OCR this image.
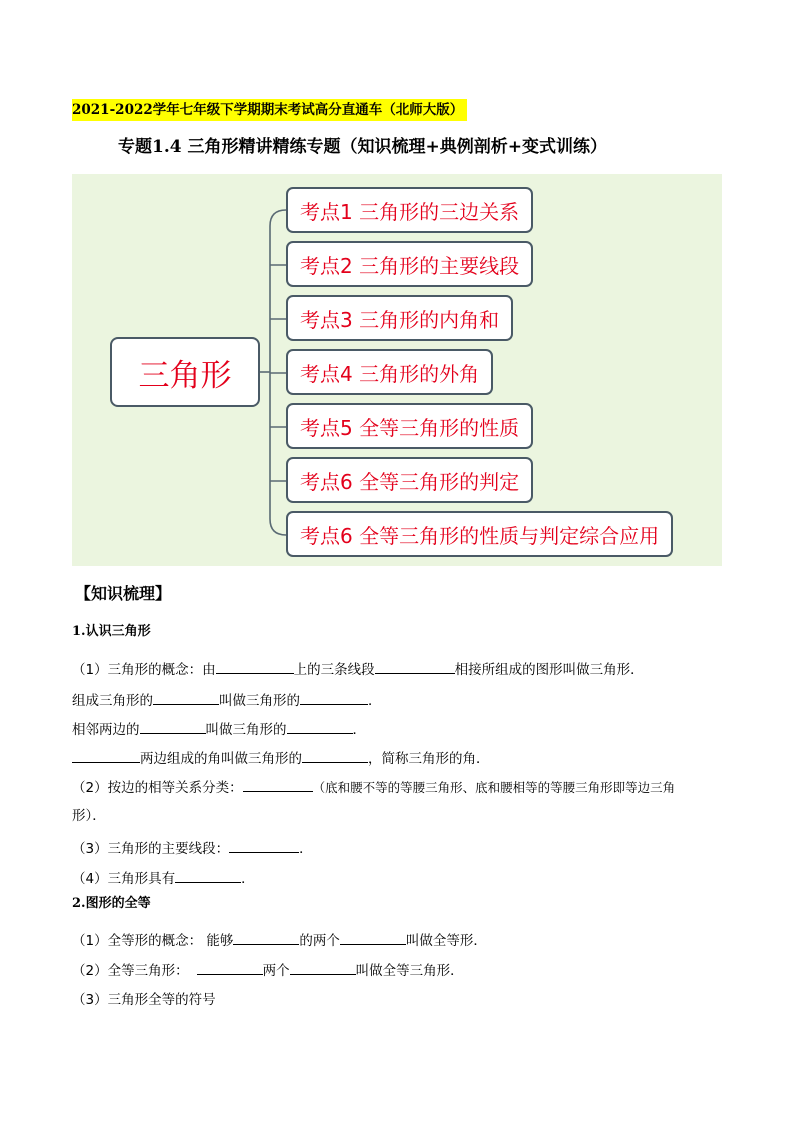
2021-2022学年七年级下学期期末考试高分直通车（北师大版）
专题1.4 三角形精讲精练专题（知识梳理+典例剖析+变式训练）
三角形
考点1 三角形的三边关系
考点2 三角形的主要线段
考点3 三角形的内角和
考点4 三角形的外角
考点5 全等三角形的性质
考点6 全等三角形的判定
考点6 全等三角形的性质与判定综合应用
【知识梳理】
1.认识三角形
（1）三角形的概念：由	上的三条线段	相接所组成的图形叫做三角形．
组成三角形的	叫做三角形的	．
相邻两边的	叫做三角形的	．
两边组成的角叫做三角形的	，简称三角形的角．
（2）按边的相等关系分类：	（底和腰不等的等腰三角形、底和腰相等的等腰三角形即等边三角
形）．
（3）三角形的主要线段：	．
（4）三角形具有	．
2.图形的全等
（1）全等形的概念： 能够	的两个	叫做全等形．
（2）全等三角形：	两个	叫做全等三角形．
（3）三角形全等的符号
